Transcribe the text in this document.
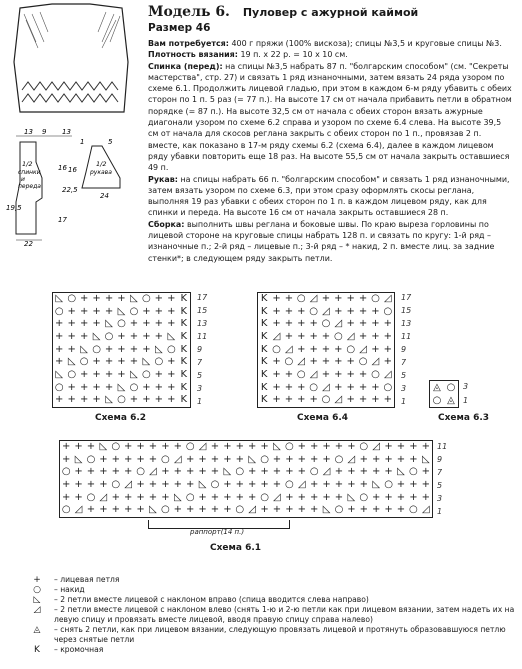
13 9 13
1/2
спинки
и
переда
16
22,5
19,5
17
22
1/2
рукава
16
24
1	5
Модель 6. Пуловер с ажурной каймой
Размер 46

Вам потребуется: 400 г пряжи (100% вискоза); спицы №3,5 и круговые спицы №3.

Плотность вязания: 19 п. х 22 р. = 10 х 10 см.

Спинка (перед): на спицы №3,5 набрать 87 п. "болгарским способом" (см. "Секреты мастерства", стр. 27) и связать 1 ряд изнаночными, затем вязать 24 ряда узором по схеме 6.1. Продолжить лицевой гладью, при этом в каждом 6-м ряду убавить с обеих сторон по 1 п. 5 раз (= 77 п.). На высоте 17 см от начала прибавить петли в обратном порядке (= 87 п.). На высоте 32,5 см от начала с обеих сторон вязать ажурные диагонали узором по схеме 6.2 справа и узором по схеме 6.4 слева. На высоте 39,5 см от начала для скосов реглана закрыть с обеих сторон по 1 п., провязав 2 п. вместе, как показано в 17-м ряду схемы 6.2 (схема 6.4), далее в каждом лицевом ряду убавки повторить еще 18 раз. На высоте 55,5 см от начала закрыть оставшиеся 49 п.

Рукав: на спицы набрать 66 п. "болгарским способом" и связать 1 ряд изнаночными, затем вязать узором по схеме 6.3, при этом сразу оформлять скосы реглана, выполняя 19 раз убавки с обеих сторон по 1 п. в каждом лицевом ряду, как для спинки и переда. На высоте 16 см от начала закрыть оставшиеся 28 п.

Сборка: выполнить швы реглана и боковые швы. По краю выреза горловины по лицевой стороне на круговые спицы набрать 128 п. и связать по кругу: 1-й ряд – изнаночные п.; 2-й ряд – лицевые п.; 3-й ряд – * накид, 2 п. вместе лиц. за задние стенки*; в следующем ряду закрыть петли.

◺ ○ + + + + ◺ ○ + + K
○ + + + + ◺ ○ + + + K
+ + + + ◺ ○ + + + + K
+ + + ◺ ○ + + + + ◺ K
+ + ◺ ○ + + + + ◺ ○ K
+ ◺ ○ + + + + ◺ ○ + K
◺ ○ + + + + ◺ ○ + + K
○ + + + + ◺ ○ + + + K
+ + + + ◺ ○ + + + + K
Схема 6.2
K + + ○ ◿ + + + + ○ ◿
K + + + ○ ◿ + + + + ○
K + + + + ○ ◿ + + + +
K ◿ + + + + ○ ◿ + + +
K ○ ◿ + + + + ○ ◿ + +
K + ○ ◿ + + + + ○ ◿ +
K + + ○ ◿ + + + + ○ ◿
K + + + ○ ◿ + + + + ○
K + + + + ○ ◿ + + + +
Схема 6.4
◬ ○
○ ◬
Схема 6.3
+ + + ◺ ○ + + + + + ○ ◿ + + + + + ◺ ○ + + + + + ○ ◿ + + + +
+ ◺ ○ + + + + + ○ ◿ + + + + + ◺ ○ + + + + + ○ ◿ + + + + + ◺
○ + + + + + ○ ◿ + + + + + ◺ ○ + + + + + ○ ◿ + + + + + ◺ ○ +
+ + + + ○ ◿ + + + + + ◺ ○ + + + + + ○ ◿ + + + + + ◺ ○ + + +
+ + ○ ◿ + + + + + ◺ ○ + + + + + ○ ◿ + + + + + ◺ ○ + + + + +
○ ◿ + + + + + ◺ ○ + + + + + ○ ◿ + + + + + ◺ ○ + + + + + ○ ◿
раппорт(14 п.)
Схема 6.1
+	– лицевая петля
○	– накид
◺	– 2 петли вместе лицевой с наклоном вправо (спица вводится слева направо)
◿	– 2 петли вместе лицевой с наклоном влево (снять 1-ю и 2-ю петли как при лицевом вязании, затем надеть их на левую спицу и провязать вместе лицевой, вводя правую спицу справа налево)
◬	– снять 2 петли, как при лицевом вязании, следующую провязать лицевой и протянуть образовавшуюся петлю через снятые петли
K	– кромочная
17
15
13
11
9
7
5
3
1
17
15
13
11
9
7
5
3
1
3
1
11
9
7
5
3
1
